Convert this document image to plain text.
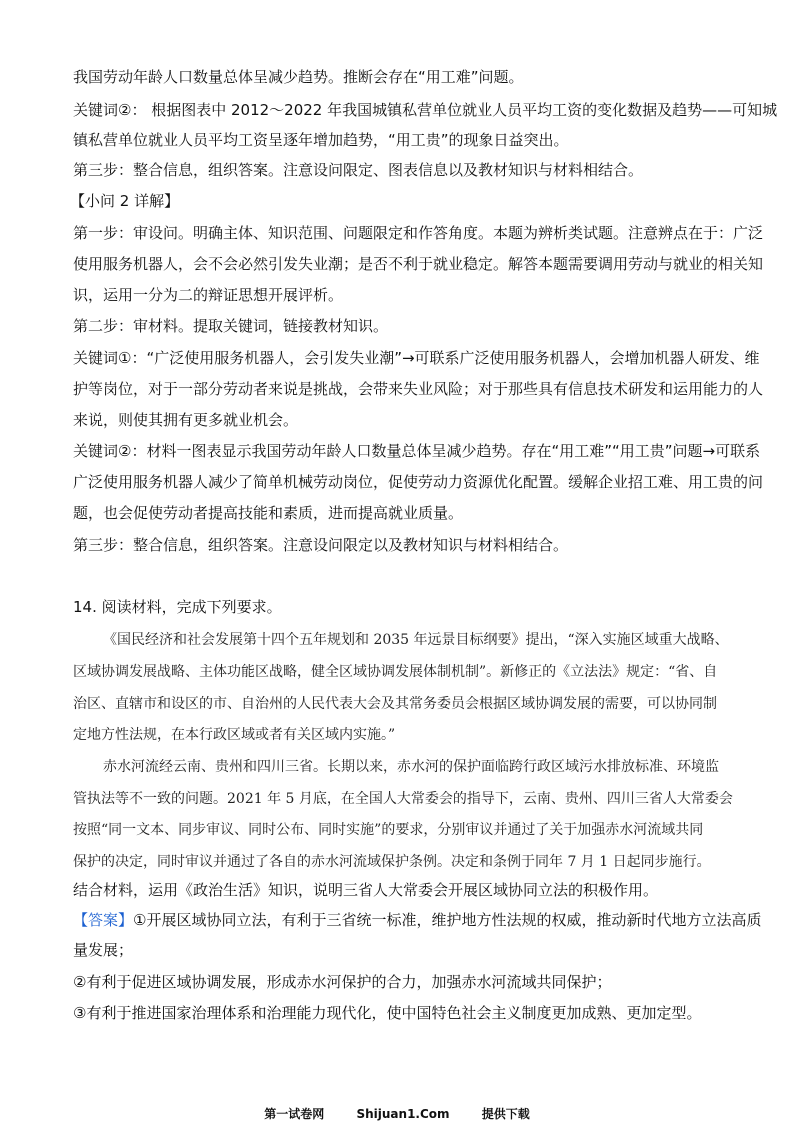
我国劳动年龄人口数量总体呈减少趋势。推断会存在“用工难”问题。
关键词②： 根据图表中 2012～2022 年我国城镇私营单位就业人员平均工资的变化数据及趋势——可知城
镇私营单位就业人员平均工资呈逐年增加趋势，“用工贵”的现象日益突出。
第三步：整合信息，组织答案。注意设问限定、图表信息以及教材知识与材料相结合。
【小问 2 详解】
第一步：审设问。明确主体、知识范围、问题限定和作答角度。本题为辨析类试题。注意辨点在于：广泛
使用服务机器人，会不会必然引发失业潮；是否不利于就业稳定。解答本题需要调用劳动与就业的相关知
识，运用一分为二的辩证思想开展评析。
第二步：审材料。提取关键词，链接教材知识。
关键词①：“广泛使用服务机器人，会引发失业潮”→可联系广泛使用服务机器人，会增加机器人研发、维
护等岗位，对于一部分劳动者来说是挑战，会带来失业风险；对于那些具有信息技术研发和运用能力的人
来说，则使其拥有更多就业机会。
关键词②：材料一图表显示我国劳动年龄人口数量总体呈减少趋势。存在“用工难”“用工贵”问题→可联系
广泛使用服务机器人减少了简单机械劳动岗位，促使劳动力资源优化配置。缓解企业招工难、用工贵的问
题，也会促使劳动者提高技能和素质，进而提高就业质量。
第三步：整合信息，组织答案。注意设问限定以及教材知识与材料相结合。
14. 阅读材料，完成下列要求。
《国民经济和社会发展第十四个五年规划和 2035 年远景目标纲要》提出，“深入实施区域重大战略、
区域协调发展战略、主体功能区战略，健全区域协调发展体制机制”。新修正的《立法法》规定：“省、自
治区、直辖市和设区的市、自治州的人民代表大会及其常务委员会根据区域协调发展的需要，可以协同制
定地方性法规，在本行政区域或者有关区域内实施。”
赤水河流经云南、贵州和四川三省。长期以来，赤水河的保护面临跨行政区域污水排放标准、环境监
管执法等不一致的问题。2021 年 5 月底，在全国人大常委会的指导下，云南、贵州、四川三省人大常委会
按照“同一文本、同步审议、同时公布、同时实施”的要求，分别审议并通过了关于加强赤水河流域共同
保护的决定，同时审议并通过了各自的赤水河流域保护条例。决定和条例于同年 7 月 1 日起同步施行。
结合材料，运用《政治生活》知识，说明三省人大常委会开展区域协同立法的积极作用。
【答案】①开展区域协同立法，有利于三省统一标准，维护地方性法规的权威，推动新时代地方立法高质
量发展；
②有利于促进区域协调发展，形成赤水河保护的合力，加强赤水河流域共同保护；
③有利于推进国家治理体系和治理能力现代化，使中国特色社会主义制度更加成熟、更加定型。
第一试卷网	Shijuan1.Com	提供下载
